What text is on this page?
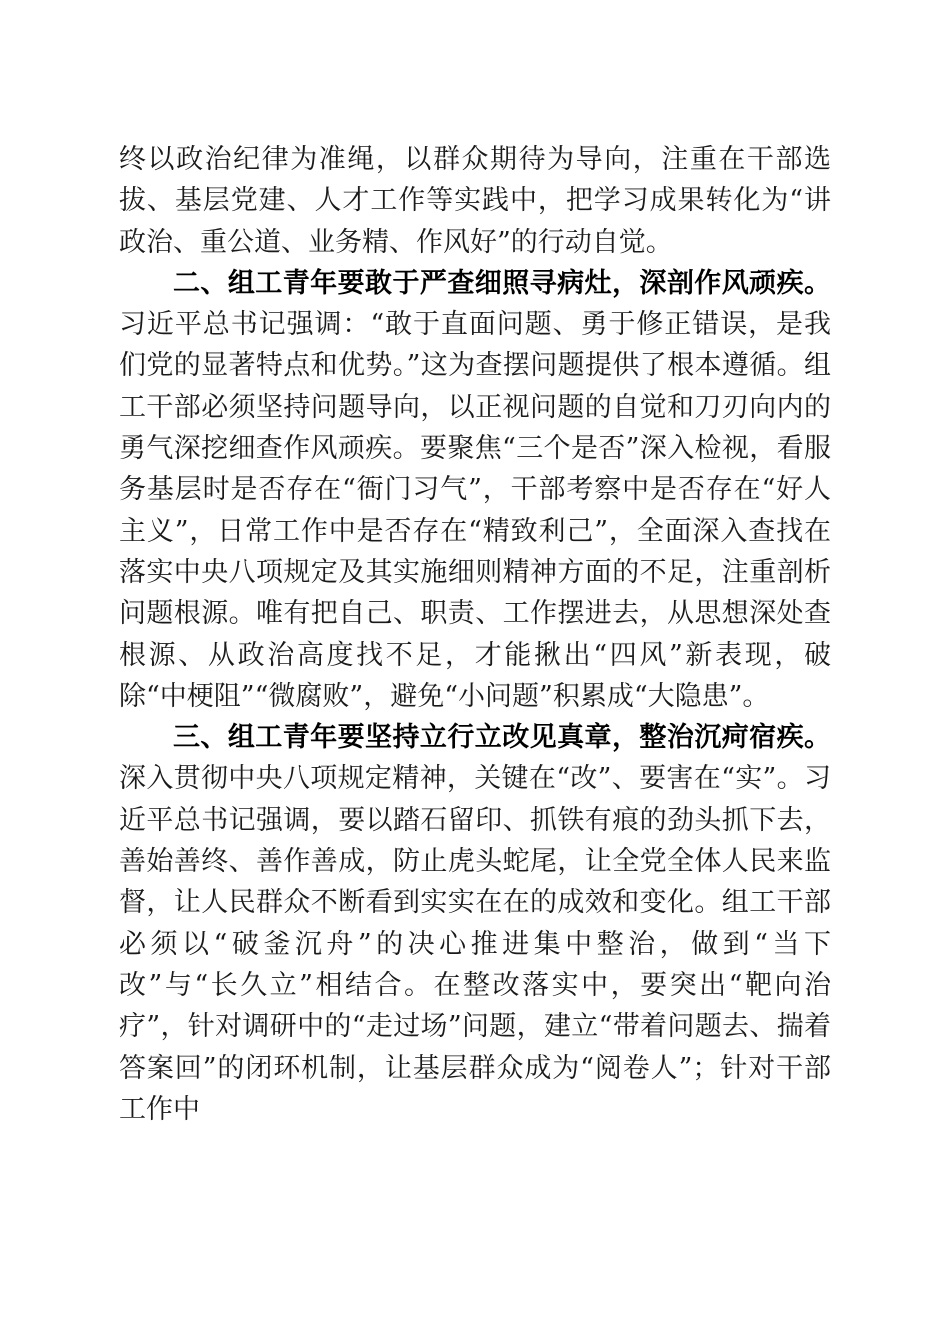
终以政治纪律为准绳，以群众期待为导向，注重在干部选拔、基层党建、人才工作等实践中，把学习成果转化为“讲政治、重公道、业务精、作风好”的行动自觉。

二、组工青年要敢于严查细照寻病灶，深剖作风顽疾。习近平总书记强调：“敢于直面问题、勇于修正错误，是我们党的显著特点和优势。”这为查摆问题提供了根本遵循。组工干部必须坚持问题导向，以正视问题的自觉和刀刃向内的勇气深挖细查作风顽疾。要聚焦“三个是否”深入检视，看服务基层时是否存在“衙门习气”，干部考察中是否存在“好人主义”，日常工作中是否存在“精致利己”，全面深入查找在落实中央八项规定及其实施细则精神方面的不足，注重剖析问题根源。唯有把自己、职责、工作摆进去，从思想深处查根源、从政治高度找不足，才能揪出“四风”新表现，破除“中梗阻”“微腐败”，避免“小问题”积累成“大隐患”。

三、组工青年要坚持立行立改见真章，整治沉疴宿疾。深入贯彻中央八项规定精神，关键在“改”、要害在“实”。习近平总书记强调，要以踏石留印、抓铁有痕的劲头抓下去，善始善终、善作善成，防止虎头蛇尾，让全党全体人民来监督，让人民群众不断看到实实在在的成效和变化。组工干部必须以“破釜沉舟”的决心推进集中整治，做到“当下改”与“长久立”相结合。在整改落实中，要突出“靶向治疗”，针对调研中的“走过场”问题，建立“带着问题去、揣着答案回”的闭环机制，让基层群众成为“阅卷人”；针对干部工作中
